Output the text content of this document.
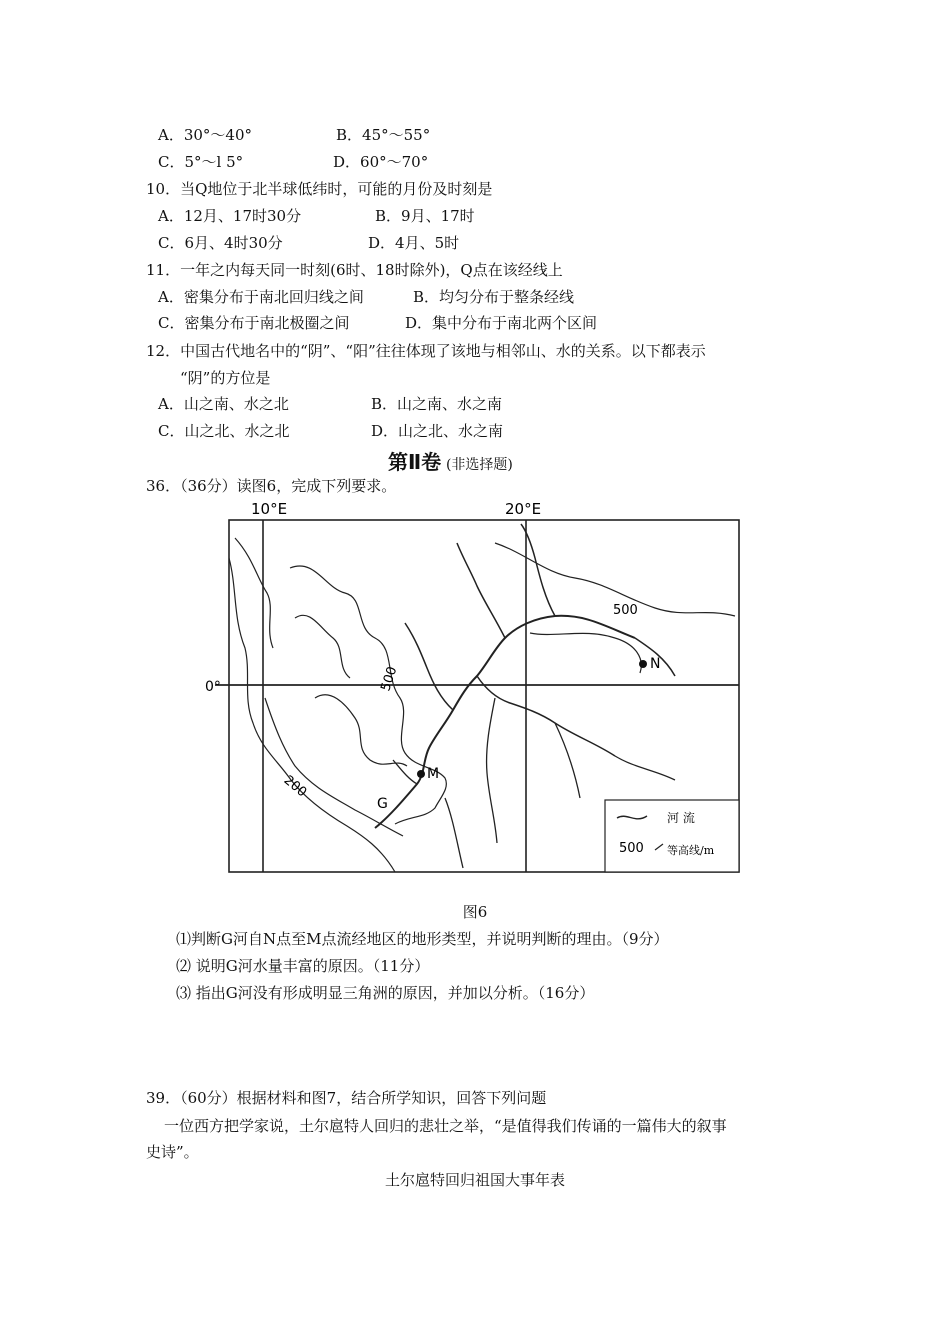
A．30°～40°	B．45°～55°
C．5°～l 5°	D．60°～70°
10．当Q地位于北半球低纬时，可能的月份及时刻是
A．12月、17时30分	B．9月、17时
C．6月、4时30分	D．4月、5时
11．一年之内每天同一时刻(6时、18时除外)，Q点在该经线上
A．密集分布于南北回归线之间	B．均匀分布于整条经线
C．密集分布于南北极圈之间	D．集中分布于南北两个区间
12．中国古代地名中的“阴”、“阳”往往体现了该地与相邻山、水的关系。以下都表示
“阴”的方位是
A．山之南、水之北	B．山之南、水之南
C．山之北、水之北	D．山之北、水之南
第Ⅱ卷 (非选择题)
36．（36分）读图6，完成下列要求。
10°E	20°E
0°
500
500
200
N
M
G
河 流
500 等高线/m
图6
⑴判断G河自N点至M点流经地区的地形类型，并说明判断的理由。（9分）
⑵ 说明G河水量丰富的原因。（11分）
⑶ 指出G河没有形成明显三角洲的原因，并加以分析。（16分）
39．（60分）根据材料和图7，结合所学知识，回答下列问题
一位西方把学家说，土尔扈特人回归的悲壮之举，“是值得我们传诵的一篇伟大的叙事
史诗”。
土尔扈特回归祖国大事年表
